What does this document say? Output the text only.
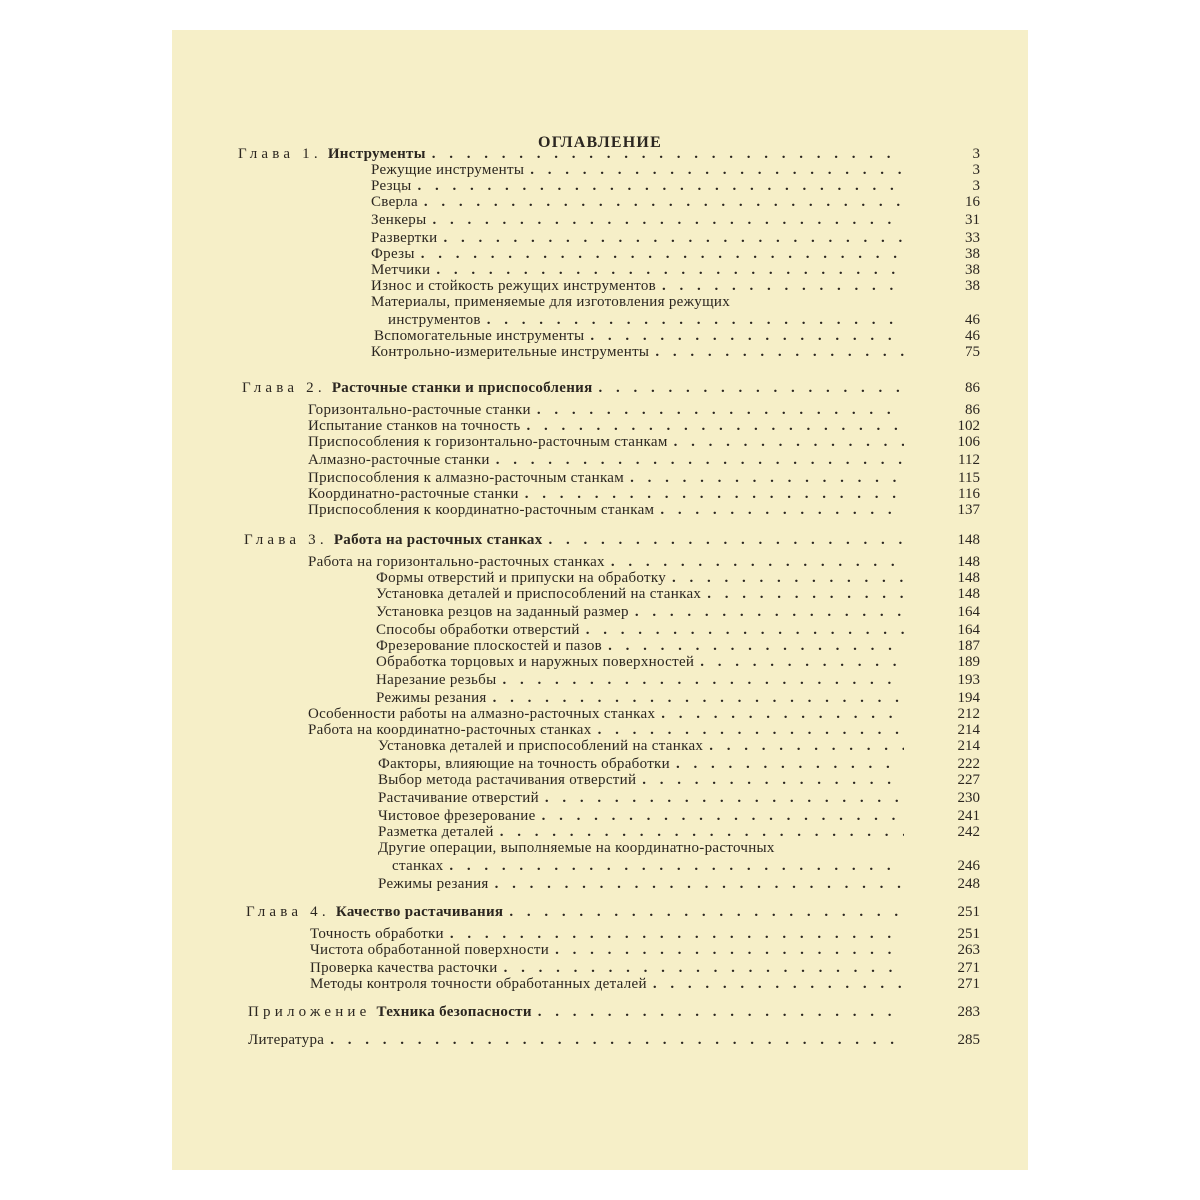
ОГЛАВЛЕНИЕ
Глава 1. Инструменты . . .	3
Режущие инструменты . . .	3
Резцы . . .	3
Сверла . . .	16
Зенкеры . . .	31
Развертки . . .	33
Фрезы . . .	38
Метчики . . .	38
Износ и стойкость режущих инструментов . . .	38
Материалы, применяемые для изготовления режущих
инструментов . . .	46
Вспомогательные инструменты . . .	46
Контрольно-измерительные инструменты . . .	75
Глава 2. Расточные станки и приспособления . . .	86
Горизонтально-расточные станки . . .	86
Испытание станков на точность . . .	102
Приспособления к горизонтально-расточным станкам . . .	106
Алмазно-расточные станки . . .	112
Приспособления к алмазно-расточным станкам . . .	115
Координатно-расточные станки . . .	116
Приспособления к координатно-расточным станкам . . .	137
Глава 3. Работа на расточных станках . . .	148
Работа на горизонтально-расточных станках . . .	148
Формы отверстий и припуски на обработку . . .	148
Установка деталей и приспособлений на станках . . .	148
Установка резцов на заданный размер . . .	164
Способы обработки отверстий . . .	164
Фрезерование плоскостей и пазов . . .	187
Обработка торцовых и наружных поверхностей . . .	189
Нарезание резьбы . . .	193
Режимы резания . . .	194
Особенности работы на алмазно-расточных станках . . .	212
Работа на координатно-расточных станках . . .	214
Установка деталей и приспособлений на станках . . .	214
Факторы, влияющие на точность обработки . . .	222
Выбор метода растачивания отверстий . . .	227
Растачивание отверстий . . .	230
Чистовое фрезерование . . .	241
Разметка деталей . . .	242
Другие операции, выполняемые на координатно-расточных
станках . . .	246
Режимы резания . . .	248
Глава 4. Качество растачивания . . .	251
Точность обработки . . .	251
Чистота обработанной поверхности . . .	263
Проверка качества расточки . . .	271
Методы контроля точности обработанных деталей . . .	271
Приложение Техника безопасности . . .	283
Литература . . .	285
